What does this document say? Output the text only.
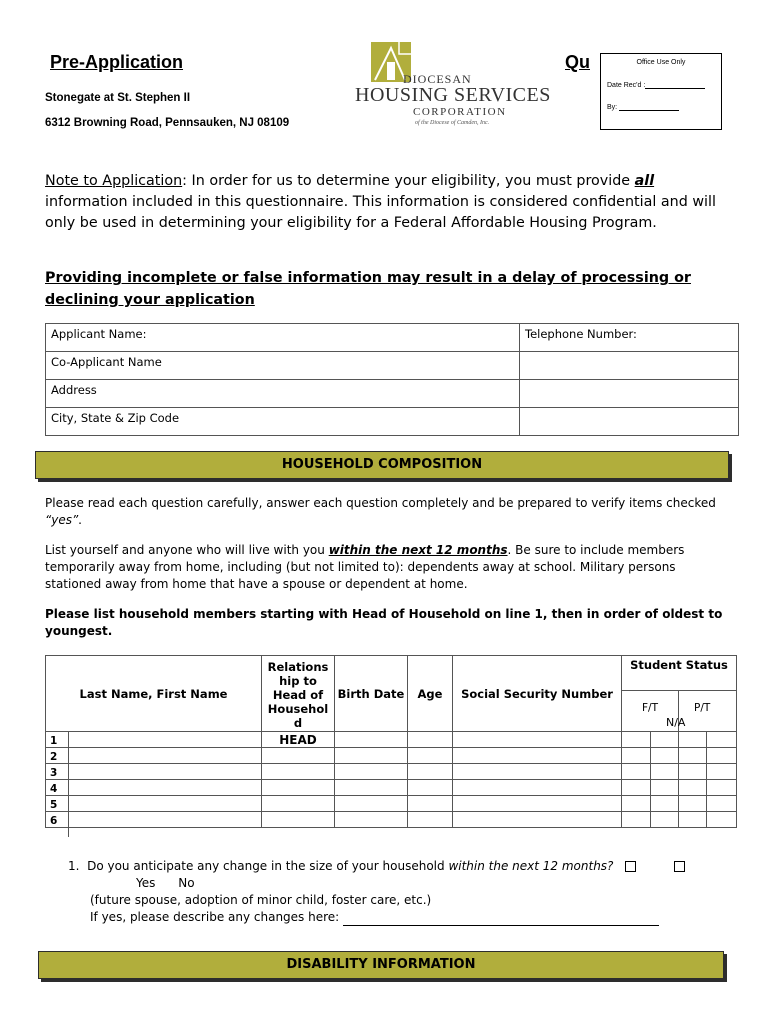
Pre-Application	Qu
Stonegate at St. Stephen II
6312 Browning Road, Pennsauken, NJ 08109
DIOCESAN
HOUSING SERVICES
CORPORATION
of the Diocese of Camden, Inc.
Office Use Only
Date Rec'd :
By:
Note to Application: In order for us to determine your eligibility, you must provide all information included in this questionnaire. This information is considered confidential and will only be used in determining your eligibility for a Federal Affordable Housing Program.
Providing incomplete or false information may result in a delay of processing or declining your application
Applicant Name:	Telephone Number:
Co-Applicant Name	
Address	
City, State & Zip Code	
HOUSEHOLD COMPOSITION
Please read each question carefully, answer each question completely and be prepared to verify items checked “yes”.
List yourself and anyone who will live with you within the next 12 months. Be sure to include members temporarily away from home, including (but not limited to): dependents away at school. Military persons stationed away from home that have a spouse or dependent at home.
Please list household members starting with Head of Household on line 1, then in order of oldest to youngest.
Last Name, First Name	Relations hip to Head of Househol d	Birth Date	Age	Social Security Number	Student Status
F/T P/T
N/A

1	HEAD				

2

3

4

5

6

1. Do you anticipate any change in the size of your household within the next 12 months?
Yes No
(future spouse, adoption of minor child, foster care, etc.)
If yes, please describe any changes here:
DISABILITY INFORMATION
